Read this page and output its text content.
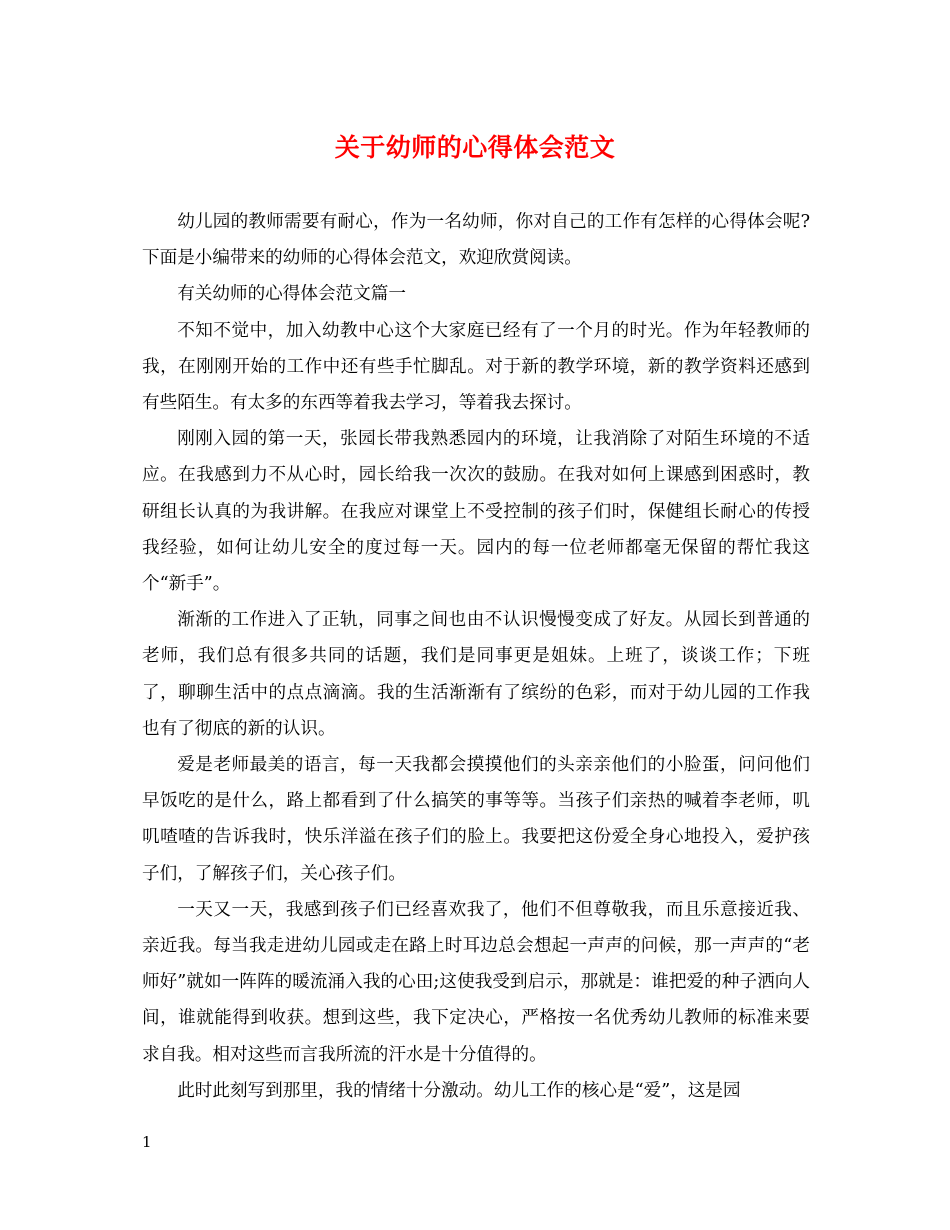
关于幼师的心得体会范文

幼儿园的教师需要有耐心，作为一名幼师，你对自己的工作有怎样的心得体会呢?下面是小编带来的幼师的心得体会范文，欢迎欣赏阅读。

有关幼师的心得体会范文篇一

不知不觉中，加入幼教中心这个大家庭已经有了一个月的时光。作为年轻教师的我，在刚刚开始的工作中还有些手忙脚乱。对于新的教学环境，新的教学资料还感到有些陌生。有太多的东西等着我去学习，等着我去探讨。

刚刚入园的第一天，张园长带我熟悉园内的环境，让我消除了对陌生环境的不适应。在我感到力不从心时，园长给我一次次的鼓励。在我对如何上课感到困惑时，教研组长认真的为我讲解。在我应对课堂上不受控制的孩子们时，保健组长耐心的传授我经验，如何让幼儿安全的度过每一天。园内的每一位老师都毫无保留的帮忙我这个“新手”。

渐渐的工作进入了正轨，同事之间也由不认识慢慢变成了好友。从园长到普通的老师，我们总有很多共同的话题，我们是同事更是姐妹。上班了，谈谈工作；下班了，聊聊生活中的点点滴滴。我的生活渐渐有了缤纷的色彩，而对于幼儿园的工作我也有了彻底的新的认识。

爱是老师最美的语言，每一天我都会摸摸他们的头亲亲他们的小脸蛋，问问他们早饭吃的是什么，路上都看到了什么搞笑的事等等。当孩子们亲热的喊着李老师，叽叽喳喳的告诉我时，快乐洋溢在孩子们的脸上。我要把这份爱全身心地投入，爱护孩子们，了解孩子们，关心孩子们。

一天又一天，我感到孩子们已经喜欢我了，他们不但尊敬我，而且乐意接近我、亲近我。每当我走进幼儿园或走在路上时耳边总会想起一声声的问候，那一声声的“老师好”就如一阵阵的暖流涌入我的心田;这使我受到启示，那就是：谁把爱的种子洒向人间，谁就能得到收获。想到这些，我下定决心，严格按一名优秀幼儿教师的标准来要求自我。相对这些而言我所流的汗水是十分值得的。

此时此刻写到那里，我的情绪十分激动。幼儿工作的核心是“爱”，这是园

1
